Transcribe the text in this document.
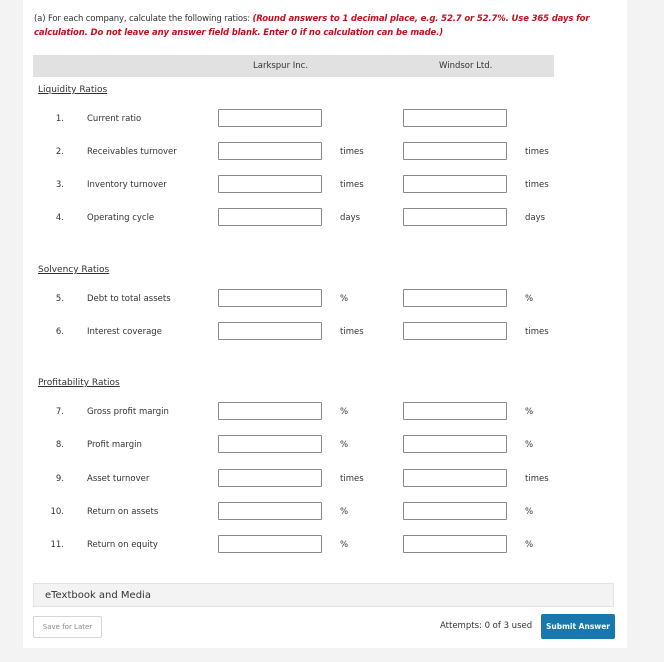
(a) For each company, calculate the following ratios: (Round answers to 1 decimal place, e.g. 52.7 or 52.7%. Use 365 days for calculation. Do not leave any answer field blank. Enter 0 if no calculation can be made.)
Larkspur Inc.	Windsor Ltd.
Liquidity Ratios
Solvency Ratios
Profitability Ratios
1.	Current ratio
2.	Receivables turnover	times	times
3.	Inventory turnover	times	times
4.	Operating cycle	days	days
5.	Debt to total assets	%	%
6.	Interest coverage	times	times
7.	Gross profit margin	%	%
8.	Profit margin	%	%
9.	Asset turnover	times	times
10.	Return on assets	%	%
11.	Return on equity	%	%
eTextbook and Media
Save for Later	Attempts: 0 of 3 used	Submit Answer
